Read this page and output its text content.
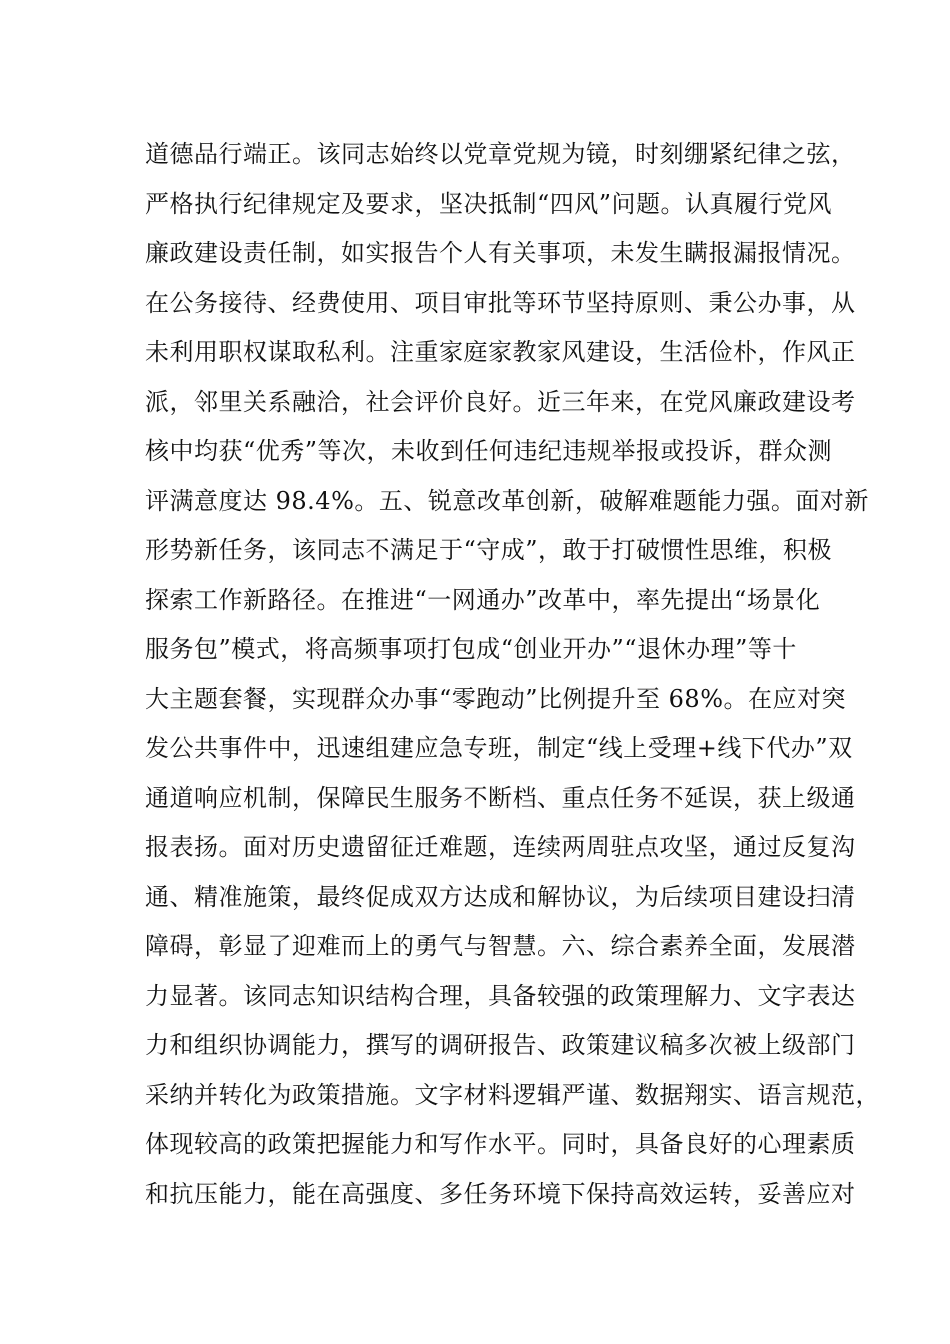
道德品行端正。该同志始终以党章党规为镜，时刻绷紧纪律之弦，
严格执行纪律规定及要求，坚决抵制“四风”问题。认真履行党风
廉政建设责任制，如实报告个人有关事项，未发生瞒报漏报情况。
在公务接待、经费使用、项目审批等环节坚持原则、秉公办事，从
未利用职权谋取私利。注重家庭家教家风建设，生活俭朴，作风正
派，邻里关系融洽，社会评价良好。近三年来，在党风廉政建设考
核中均获“优秀”等次，未收到任何违纪违规举报或投诉，群众测
评满意度达 98.4%。五、锐意改革创新，破解难题能力强。面对新
形势新任务，该同志不满足于“守成”，敢于打破惯性思维，积极
探索工作新路径。在推进“一网通办”改革中，率先提出“场景化
服务包”模式，将高频事项打包成“创业开办”“退休办理”等十
大主题套餐，实现群众办事“零跑动”比例提升至 68%。在应对突
发公共事件中，迅速组建应急专班，制定“线上受理+线下代办”双
通道响应机制，保障民生服务不断档、重点任务不延误，获上级通
报表扬。面对历史遗留征迁难题，连续两周驻点攻坚，通过反复沟
通、精准施策，最终促成双方达成和解协议，为后续项目建设扫清
障碍，彰显了迎难而上的勇气与智慧。六、综合素养全面，发展潜
力显著。该同志知识结构合理，具备较强的政策理解力、文字表达
力和组织协调能力，撰写的调研报告、政策建议稿多次被上级部门
采纳并转化为政策措施。文字材料逻辑严谨、数据翔实、语言规范，
体现较高的政策把握能力和写作水平。同时，具备良好的心理素质
和抗压能力，能在高强度、多任务环境下保持高效运转，妥善应对
